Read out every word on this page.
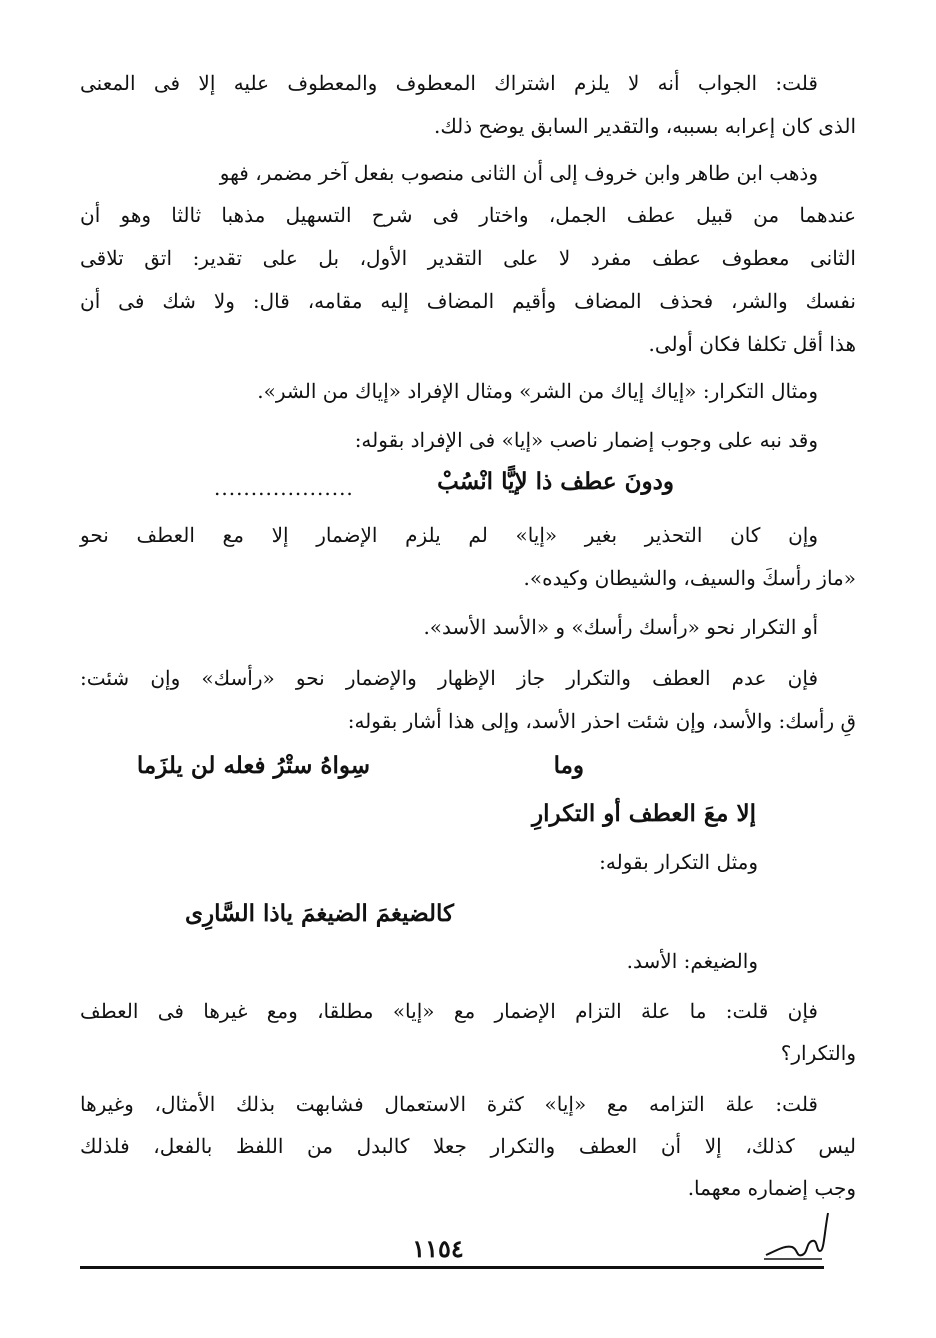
قلت: الجواب أنه لا يلزم اشتراك المعطوف والمعطوف عليه إلا فى المعنى
الذى كان إعرابه بسببه، والتقدير السابق يوضح ذلك.
وذهب ابن طاهر وابن خروف إلى أن الثانى منصوب بفعل آخر مضمر، فهو
عندهما من قبيل عطف الجمل، واختار فى شرح التسهيل مذهبا ثالثا وهو أن
الثانى معطوف عطف مفرد لا على التقدير الأول، بل على تقدير: اتق تلاقى
نفسك والشر، فحذف المضاف وأقيم المضاف إليه مقامه، قال: ولا شك فى أن
هذا أقل تكلفا فكان أولى.
ومثال التكرار: «إياك إياك من الشر» ومثال الإفراد «إياك من الشر».
وقد نبه على وجوب إضمار ناصب «إيا» فى الإفراد بقوله:
ودونَ عطف ذا لإيًّا انْسُبْ
...................
وإن كان التحذير بغير «إيا» لم يلزم الإضمار إلا مع العطف نحو
«ماز رأسكَ والسيف، والشيطان وكيده».
أو التكرار نحو «رأسك رأسك» و «الأسد الأسد».
فإن عدم العطف والتكرار جاز الإظهار والإضمار نحو «رأسك» وإن شئت:
قِ رأسك: والأسد، وإن شئت احذر الأسد، وإلى هذا أشار بقوله:
وما
سِواهُ ستْرُ فعله لن يلزَما
إلا معَ العطف أو التكرارِ
ومثل التكرار بقوله:
كالضيغمَ الضيغمَ ياذا السَّارِى
والضيغم: الأسد.
فإن قلت: ما علة التزام الإضمار مع «إيا» مطلقا، ومع غيرها فى العطف
والتكرار؟
قلت: علة التزامه مع «إيا» كثرة الاستعمال فشابهت بذلك الأمثال، وغيرها
ليس كذلك، إلا أن العطف والتكرار جعلا كالبدل من اللفظ بالفعل، فلذلك
وجب إضماره معهما.
١١٥٤
